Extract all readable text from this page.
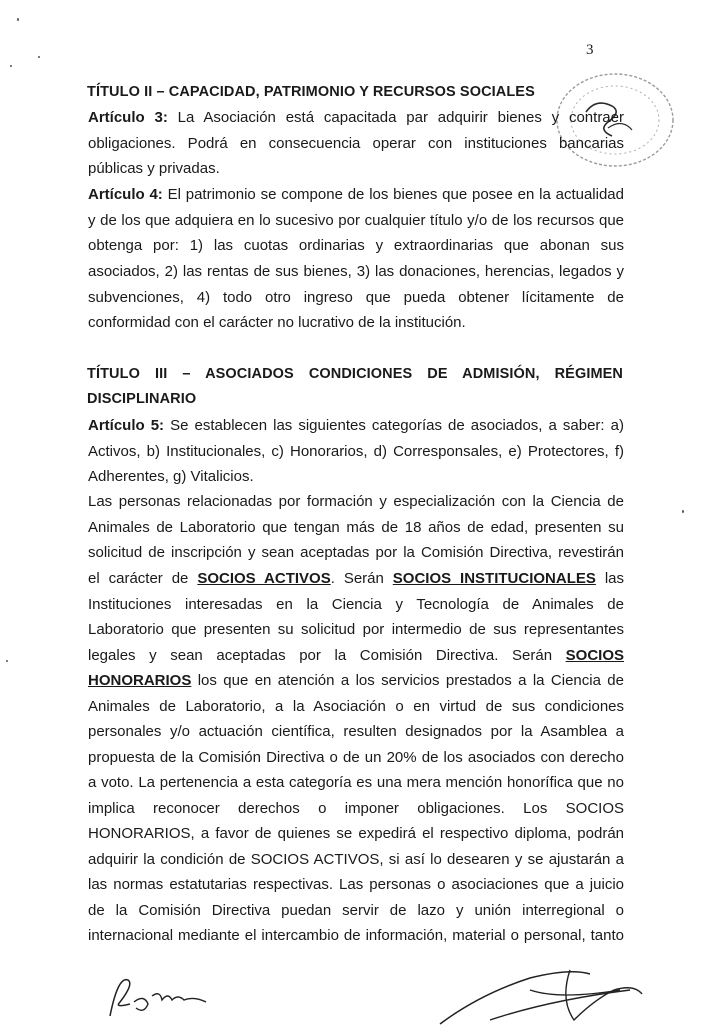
3
TÍTULO II – CAPACIDAD, PATRIMONIO Y RECURSOS SOCIALES
Artículo 3: La Asociación está capacitada par adquirir bienes y contraer
obligaciones. Podrá en consecuencia operar con instituciones bancarias
públicas y privadas.
Artículo 4: El patrimonio se compone de los bienes que posee en la actualidad
y de los que adquiera en lo sucesivo por cualquier título y/o de los recursos que
obtenga por: 1) las cuotas ordinarias y extraordinarias que abonan sus
asociados, 2) las rentas de sus bienes, 3) las donaciones, herencias, legados y
subvenciones, 4) todo otro ingreso que pueda obtener lícitamente de
conformidad con el carácter no lucrativo de la institución.
TÍTULO III – ASOCIADOS CONDICIONES DE ADMISIÓN, RÉGIMEN
DISCIPLINARIO
Artículo 5: Se establecen las siguientes categorías de asociados, a saber: a)
Activos, b) Institucionales, c) Honorarios, d) Corresponsales, e) Protectores, f)
Adherentes, g) Vitalicios.
Las personas relacionadas por formación y especialización con la Ciencia de
Animales de Laboratorio que tengan más de 18 años de edad, presenten su
solicitud de inscripción y sean aceptadas por la Comisión Directiva, revestirán
el carácter de SOCIOS ACTIVOS. Serán SOCIOS INSTITUCIONALES las
Instituciones interesadas en la Ciencia y Tecnología de Animales de
Laboratorio que presenten su solicitud por intermedio de sus representantes
legales y sean aceptadas por la Comisión Directiva. Serán SOCIOS
HONORARIOS los que en atención a los servicios prestados a la Ciencia de
Animales de Laboratorio, a la Asociación o en virtud de sus condiciones
personales y/o actuación científica, resulten designados por la Asamblea a
propuesta de la Comisión Directiva o de un 20% de los asociados con derecho
a voto. La pertenencia a esta categoría es una mera mención honorífica que no
implica reconocer derechos o imponer obligaciones. Los SOCIOS
HONORARIOS, a favor de quienes se expedirá el respectivo diploma, podrán
adquirir la condición de SOCIOS ACTIVOS, si así lo desearen y se ajustarán a
las normas estatutarias respectivas. Las personas o asociaciones que a juicio
de la Comisión Directiva puedan servir de lazo y unión interregional o
internacional mediante el intercambio de información, material o personal, tanto
